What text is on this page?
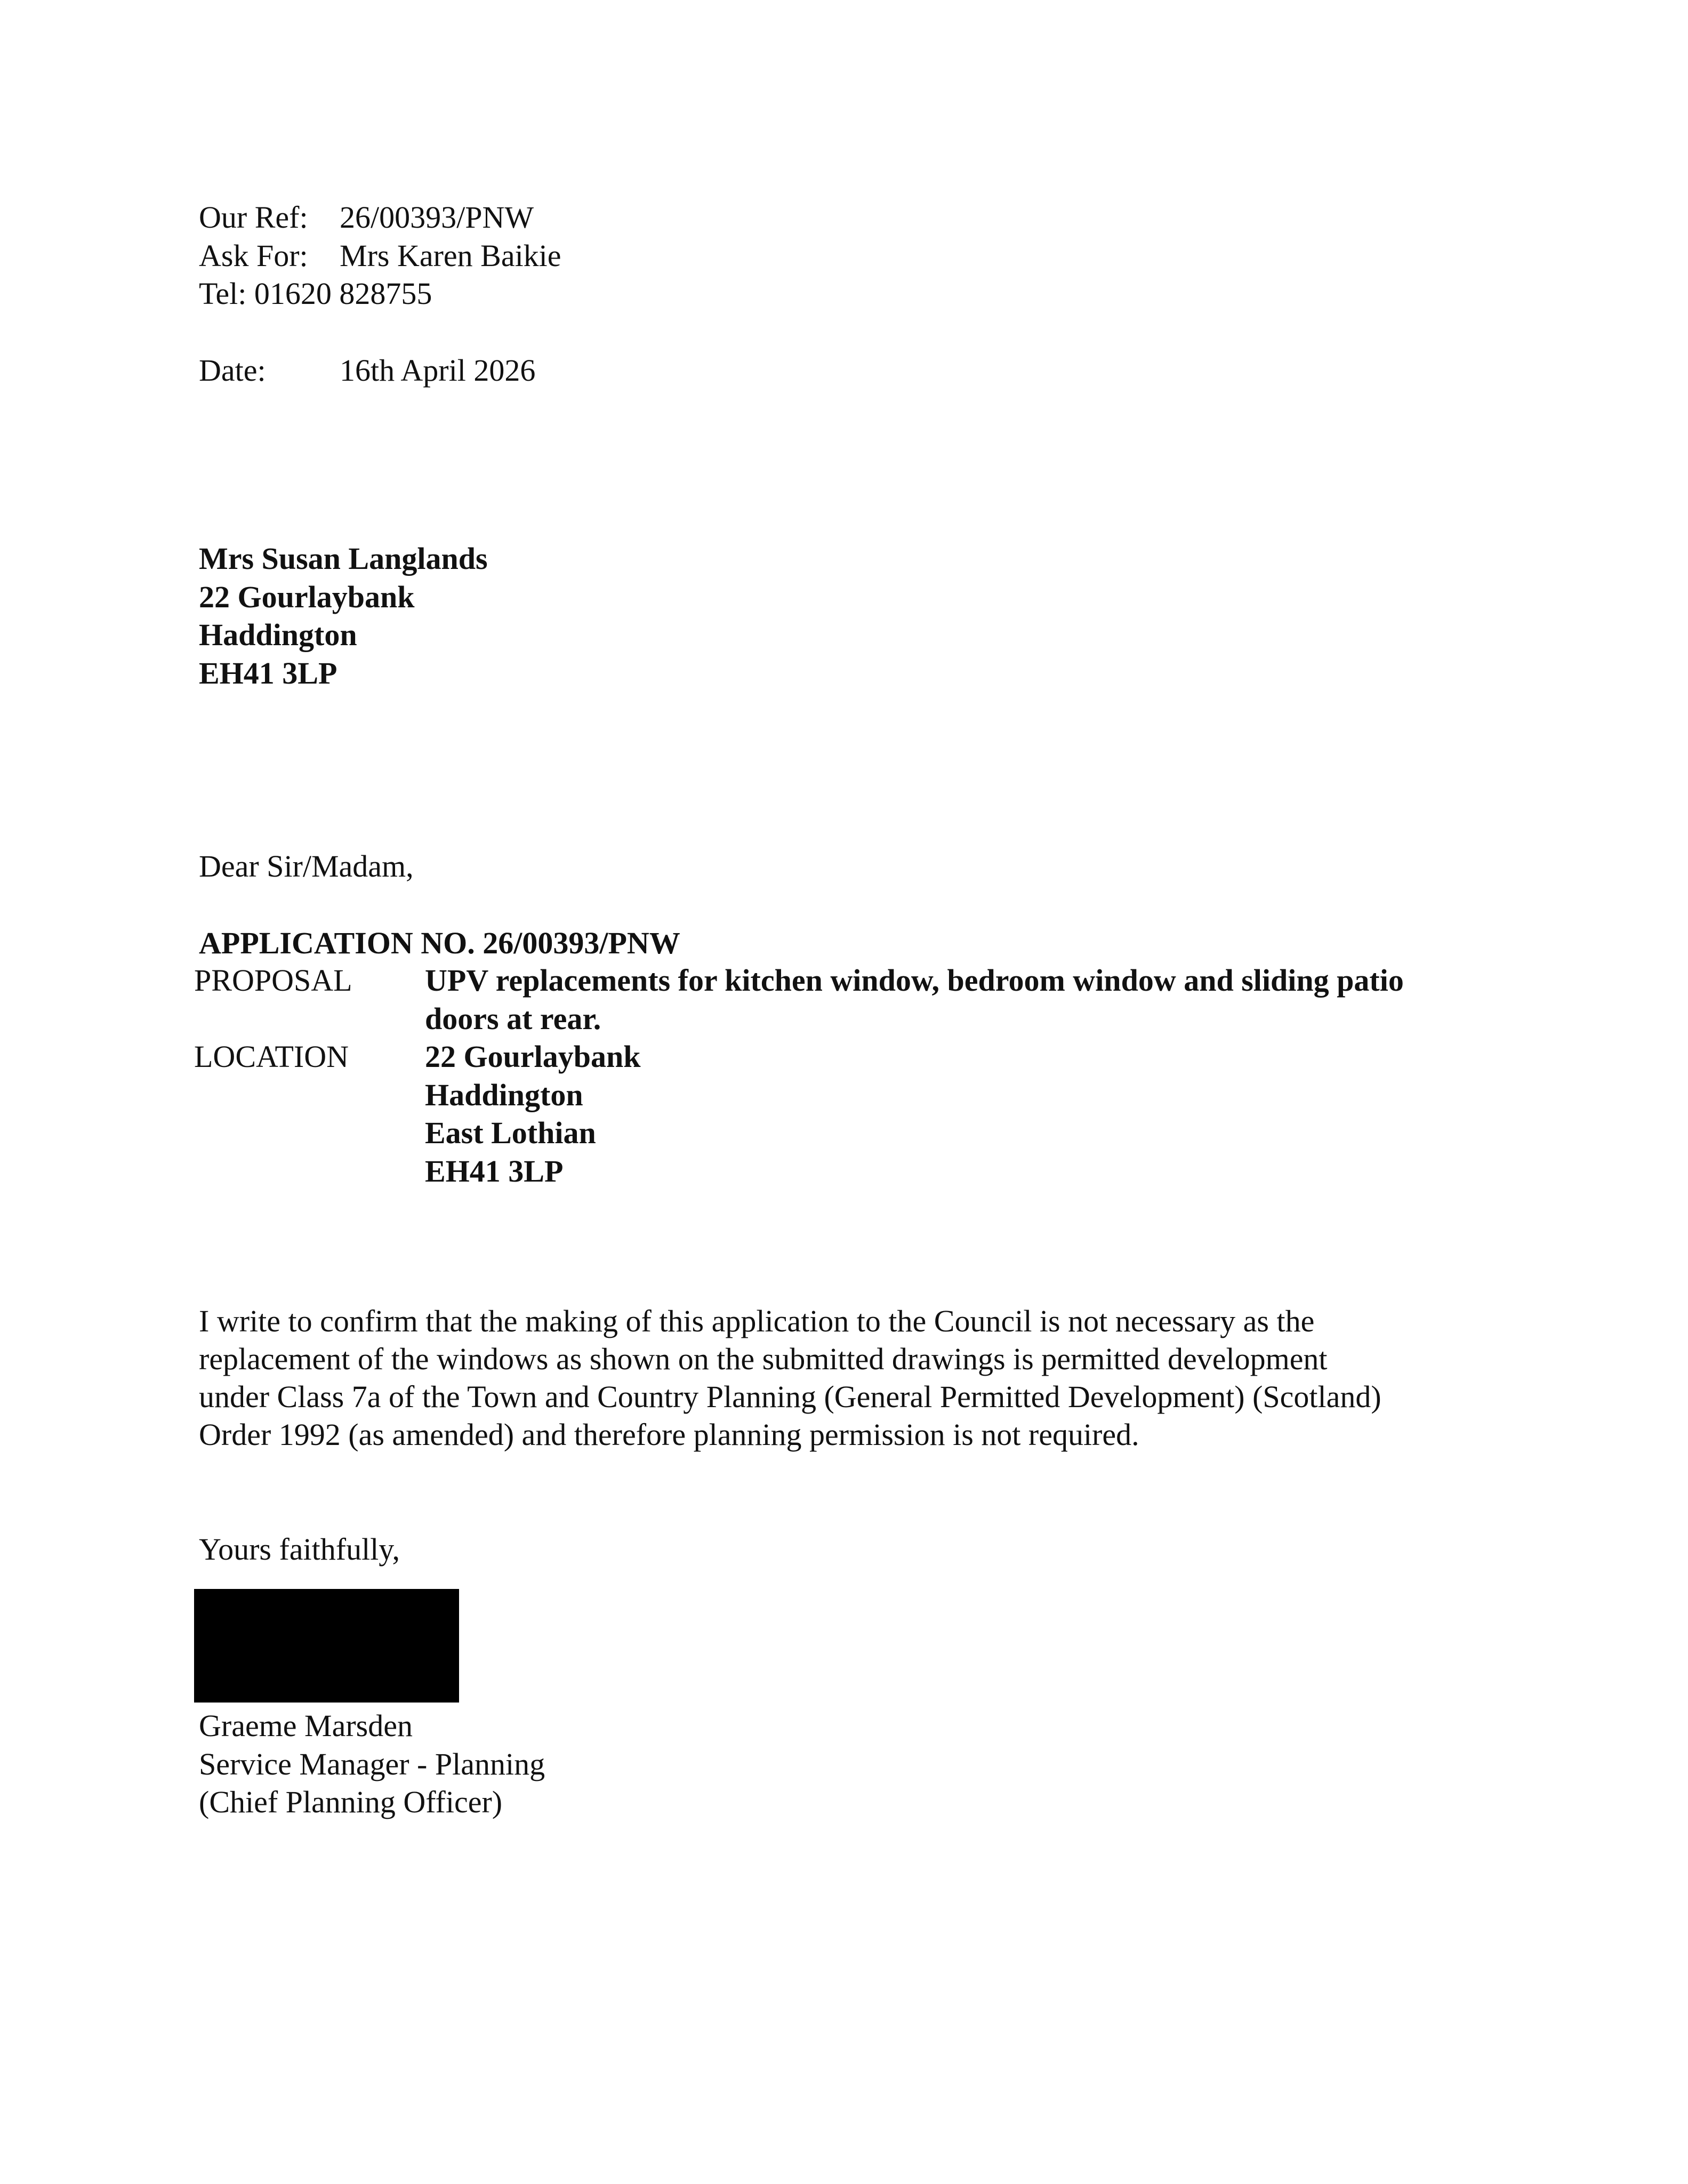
Our Ref: 26/00393/PNW
Ask For: Mrs Karen Baikie
Tel: 01620 828755
Date: 16th April 2026
Mrs Susan Langlands
22 Gourlaybank
Haddington
EH41 3LP
Dear Sir/Madam,
APPLICATION NO. 26/00393/PNW
PROPOSAL UPV replacements for kitchen window, bedroom window and sliding patio
doors at rear.
LOCATION 22 Gourlaybank
Haddington
East Lothian
EH41 3LP
I write to confirm that the making of this application to the Council is not necessary as the
replacement of the windows as shown on the submitted drawings is permitted development
under Class 7a of the Town and Country Planning (General Permitted Development) (Scotland)
Order 1992 (as amended) and therefore planning permission is not required.
Yours faithfully,
Graeme Marsden
Service Manager - Planning
(Chief Planning Officer)
